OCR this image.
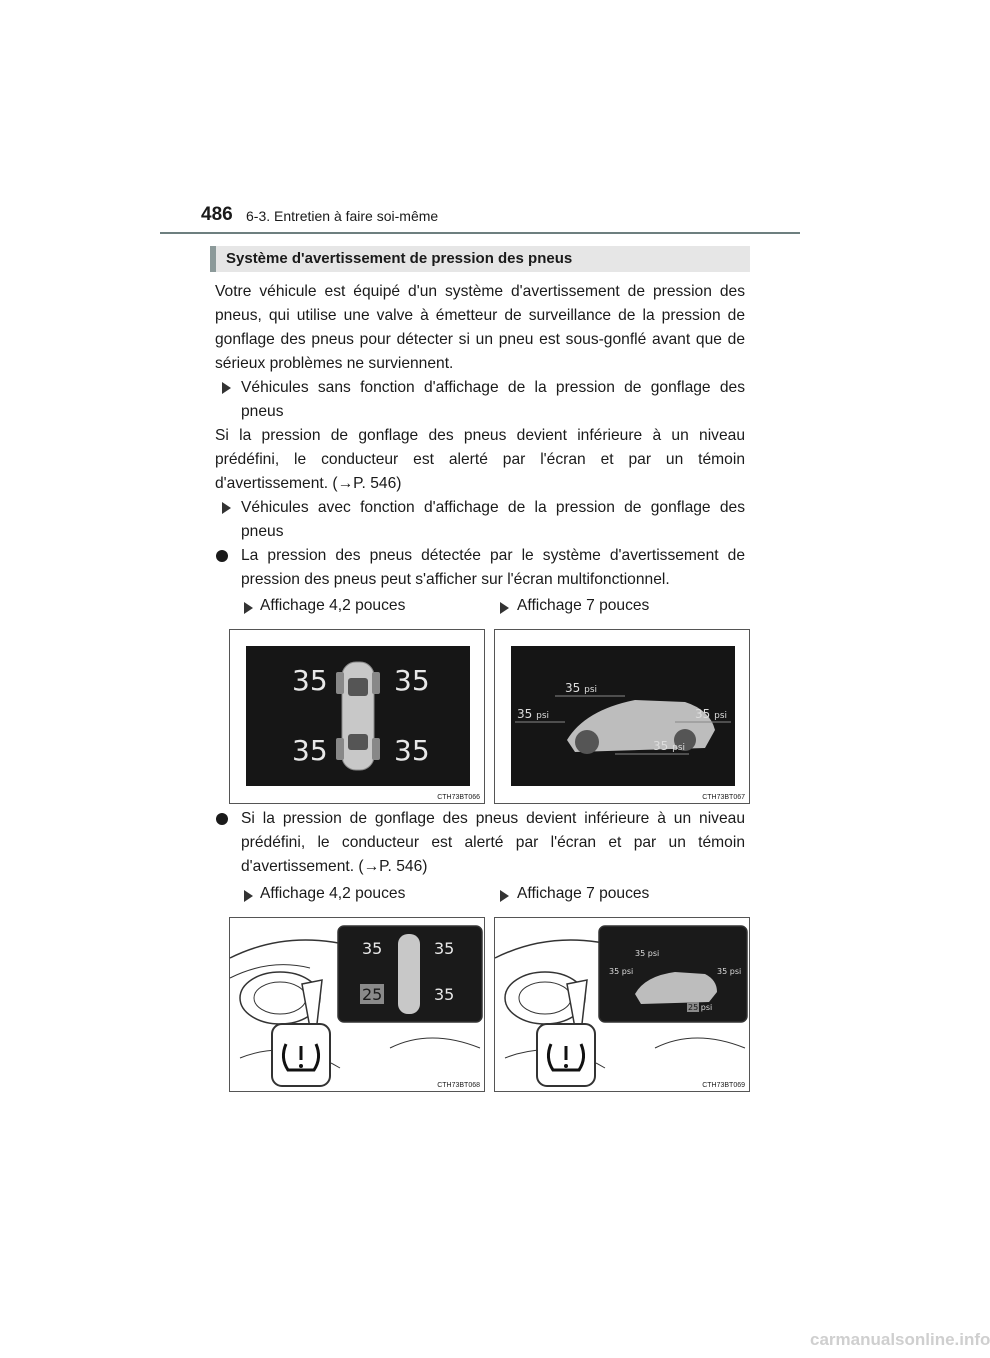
486 6-3. Entretien à faire soi-même
Système d'avertissement de pression des pneus
Votre véhicule est équipé d'un système d'avertissement de pression des pneus, qui utilise une valve à émetteur de surveillance de la pression de gonflage des pneus pour détecter si un pneu est sous-gonflé avant que de sérieux problèmes ne surviennent.
Véhicules sans fonction d'affichage de la pression de gonflage des pneus
Si la pression de gonflage des pneus devient inférieure à un niveau prédéfini, le conducteur est alerté par l'écran et par un témoin d'avertissement. (→P. 546)
Véhicules avec fonction d'affichage de la pression de gonflage des pneus
La pression des pneus détectée par le système d'avertissement de pression des pneus peut s'afficher sur l'écran multifonctionnel.
Affichage 4,2 pouces	Affichage 7 pouces
35 35
35 35
CTH73BT066
35 psi
35 psi	35 psi
35 psi
CTH73BT067
Si la pression de gonflage des pneus devient inférieure à un niveau prédéfini, le conducteur est alerté par l'écran et par un témoin d'avertissement. (→P. 546)
Affichage 4,2 pouces	Affichage 7 pouces
35	35
25	35
CTH73BT068
35 psi
35 psi	35 psi
25 psi
CTH73BT069
carmanualsonline.info
